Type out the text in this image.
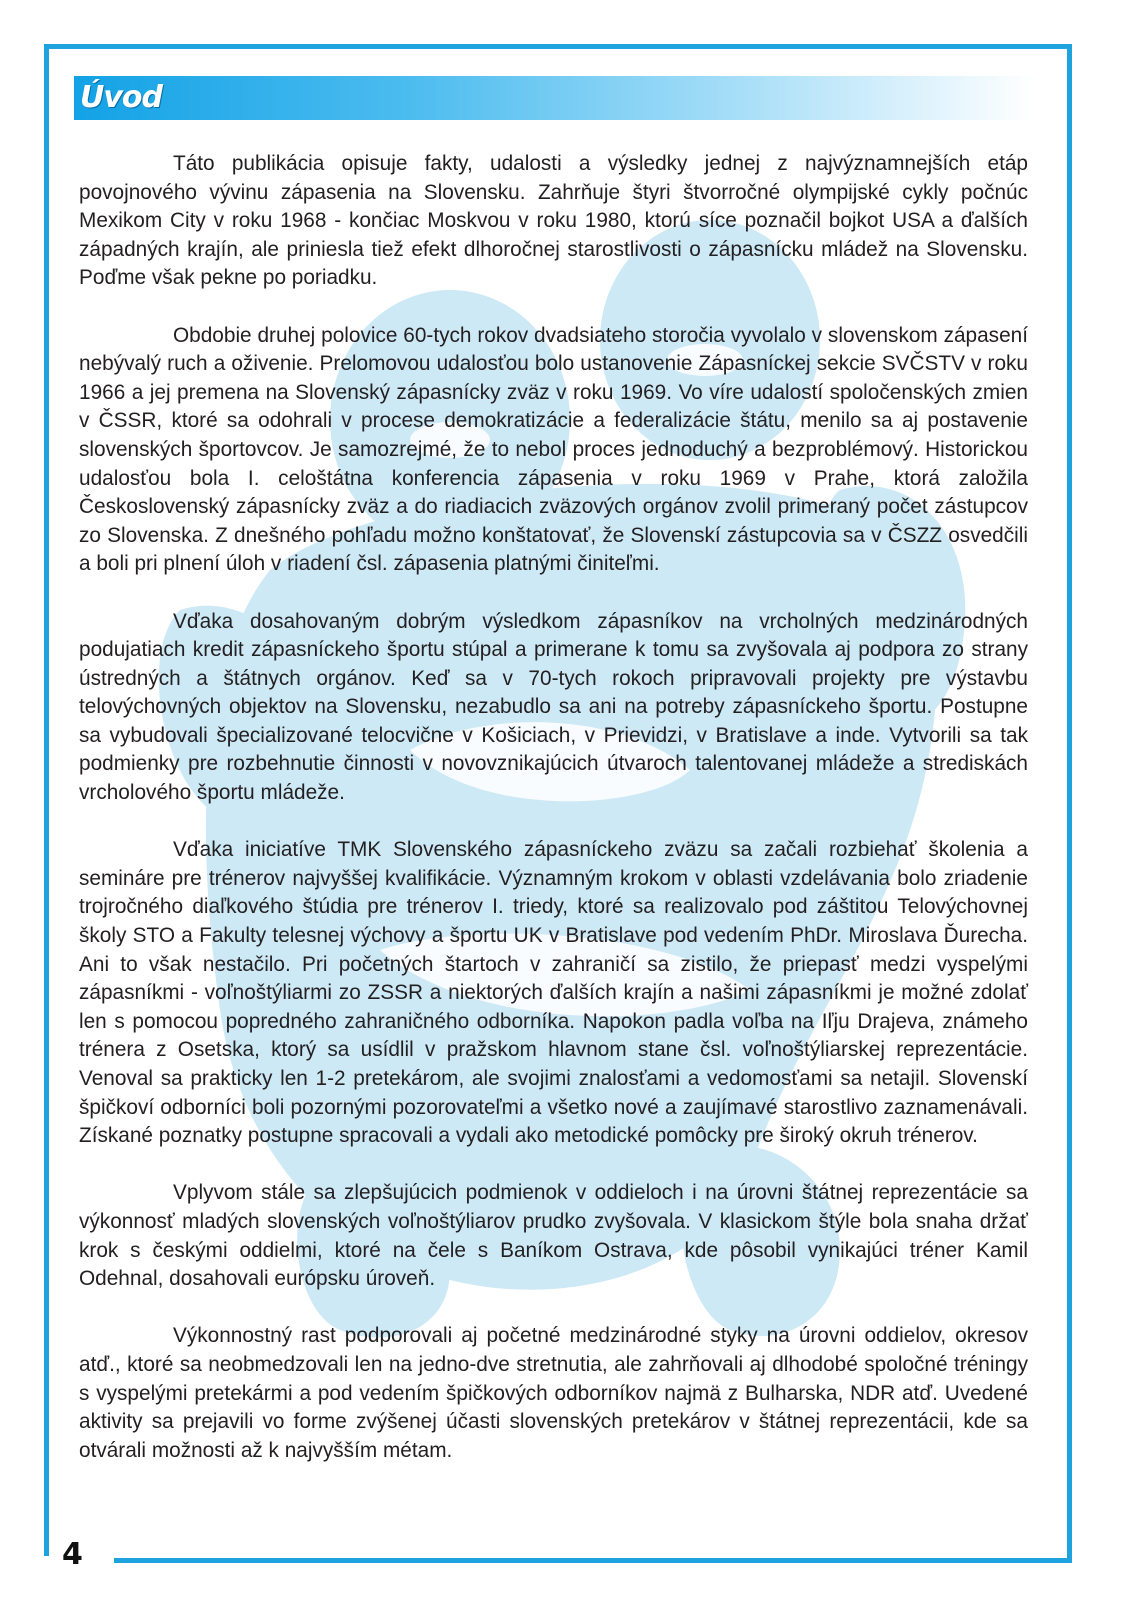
Úvod

Táto publikácia opisuje fakty, udalosti a výsledky jednej z najvýznamnejších etáp povojnového vývinu zápasenia na Slovensku. Zahrňuje štyri štvorročné olympijské cykly počnúc Mexikom City v roku 1968 - končiac Moskvou v roku 1980, ktorú síce poznačil bojkot USA a ďalších západných krajín, ale priniesla tiež efekt dlhoročnej starostlivosti o zápasnícku mládež na Slovensku. Poďme však pekne po poriadku.

Obdobie druhej polovice 60-tych rokov dvadsiateho storočia vyvolalo v slovenskom zápasení nebývalý ruch a oživenie. Prelomovou udalosťou bolo ustanovenie Zápasníckej sekcie SVČSTV v roku 1966 a jej premena na Slovenský zápasnícky zväz v roku 1969. Vo víre udalostí spoločenských zmien v ČSSR, ktoré sa odohrali v procese demokratizácie a federalizácie štátu, menilo sa aj postavenie slovenských športovcov. Je samozrejmé, že to nebol proces jednoduchý a bezproblémový. Historickou udalosťou bola I. celoštátna konferencia zápasenia v roku 1969 v Prahe, ktorá založila Československý zápasnícky zväz a do riadiacich zväzových orgánov zvolil primeraný počet zástupcov zo Slovenska. Z dnešného pohľadu možno konštatovať, že Slovenskí zástupcovia sa v ČSZZ osvedčili a boli pri plnení úloh v riadení čsl. zápasenia platnými činiteľmi.

Vďaka dosahovaným dobrým výsledkom zápasníkov na vrcholných medzinárodných podujatiach kredit zápasníckeho športu stúpal a primerane k tomu sa zvyšovala aj podpora zo strany ústredných a štátnych orgánov. Keď sa v 70-tych rokoch pripravovali projekty pre výstavbu telovýchovných objektov na Slovensku, nezabudlo sa ani na potreby zápasníckeho športu. Postupne sa vybudovali špecializované telocvične v Košiciach, v Prievidzi, v Bratislave a inde. Vytvorili sa tak podmienky pre rozbehnutie činnosti v novovznikajúcich útvaroch talentovanej mládeže a strediskách vrcholového športu mládeže.

Vďaka iniciatíve TMK Slovenského zápasníckeho zväzu sa začali rozbiehať školenia a semináre pre trénerov najvyššej kvalifikácie. Významným krokom v oblasti vzdelávania bolo zriadenie trojročného diaľkového štúdia pre trénerov I. triedy, ktoré sa realizovalo pod záštitou Telovýchovnej školy STO a Fakulty telesnej výchovy a športu UK v Bratislave pod vedením PhDr. Miroslava Ďurecha. Ani to však nestačilo. Pri početných štartoch v zahraničí sa zistilo, že priepasť medzi vyspelými zápasníkmi - voľnoštýliarmi zo ZSSR a niektorých ďalších krajín a našimi zápasníkmi je možné zdolať len s pomocou popredného zahraničného odborníka. Napokon padla voľba na Iľju Drajeva, známeho trénera z Osetska, ktorý sa usídlil v pražskom hlavnom stane čsl. voľnoštýliarskej reprezentácie. Venoval sa prakticky len 1-2 pretekárom, ale svojimi znalosťami a vedomosťami sa netajil. Slovenskí špičkoví odborníci boli pozornými pozorovateľmi a všetko nové a zaujímavé starostlivo zaznamenávali. Získané poznatky postupne spracovali a vydali ako metodické pomôcky pre široký okruh trénerov.

Vplyvom stále sa zlepšujúcich podmienok v oddieloch i na úrovni štátnej reprezentácie sa výkonnosť mladých slovenských voľnoštýliarov prudko zvyšovala. V klasickom štýle bola snaha držať krok s českými oddielmi, ktoré na čele s Baníkom Ostrava, kde pôsobil vynikajúci tréner Kamil Odehnal, dosahovali európsku úroveň.

Výkonnostný rast podporovali aj početné medzinárodné styky na úrovni oddielov, okresov atď., ktoré sa neobmedzovali len na jedno-dve stretnutia, ale zahrňovali aj dlhodobé spoločné tréningy s vyspelými pretekármi a pod vedením špičkových odborníkov najmä z Bulharska, NDR atď. Uvedené aktivity sa prejavili vo forme zvýšenej účasti slovenských pretekárov v štátnej reprezentácii, kde sa otvárali možnosti až k najvyšším métam.

4
